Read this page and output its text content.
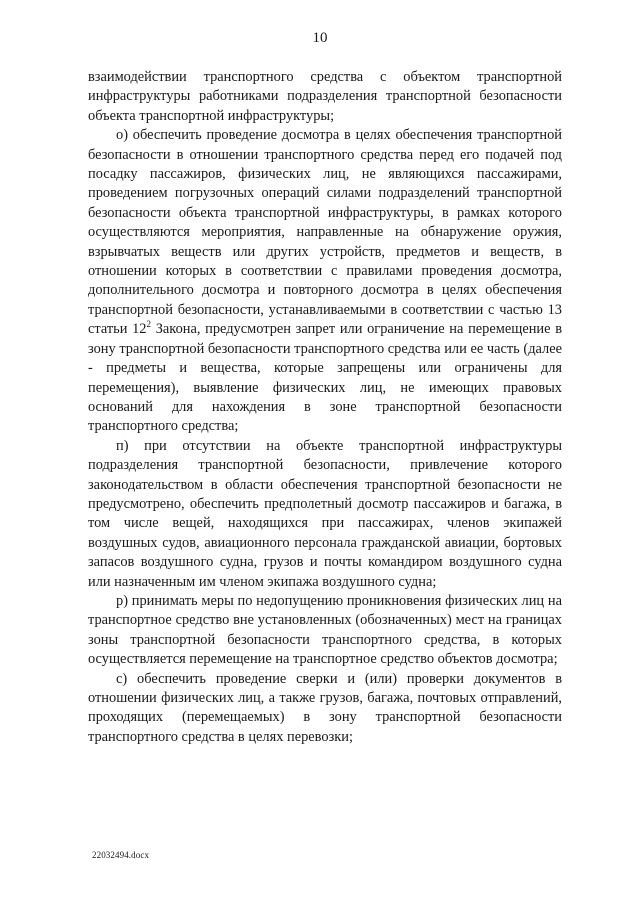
10

взаимодействии транспортного средства с объектом транспортной инфраструктуры работниками подразделения транспортной безопасности объекта транспортной инфраструктуры;

о) обеспечить проведение досмотра в целях обеспечения транспортной безопасности в отношении транспортного средства перед его подачей под посадку пассажиров, физических лиц, не являющихся пассажирами, проведением погрузочных операций силами подразделений транспортной безопасности объекта транспортной инфраструктуры, в рамках которого осуществляются мероприятия, направленные на обнаружение оружия, взрывчатых веществ или других устройств, предметов и веществ, в отношении которых в соответствии с правилами проведения досмотра, дополнительного досмотра и повторного досмотра в целях обеспечения транспортной безопасности, устанавливаемыми в соответствии с частью 13 статьи $12^2$ Закона, предусмотрен запрет или ограничение на перемещение в зону транспортной безопасности транспортного средства или ее часть (далее - предметы и вещества, которые запрещены или ограничены для перемещения), выявление физических лиц, не имеющих правовых оснований для нахождения в зоне транспортной безопасности транспортного средства;

п) при отсутствии на объекте транспортной инфраструктуры подразделения транспортной безопасности, привлечение которого законодательством в области обеспечения транспортной безопасности не предусмотрено, обеспечить предполетный досмотр пассажиров и багажа, в том числе вещей, находящихся при пассажирах, членов экипажей воздушных судов, авиационного персонала гражданской авиации, бортовых запасов воздушного судна, грузов и почты командиром воздушного судна или назначенным им членом экипажа воздушного судна;

р) принимать меры по недопущению проникновения физических лиц на транспортное средство вне установленных (обозначенных) мест на границах зоны транспортной безопасности транспортного средства, в которых осуществляется перемещение на транспортное средство объектов досмотра;

с) обеспечить проведение сверки и (или) проверки документов в отношении физических лиц, а также грузов, багажа, почтовых отправлений, проходящих (перемещаемых) в зону транспортной безопасности транспортного средства в целях перевозки;

22032494.docx
